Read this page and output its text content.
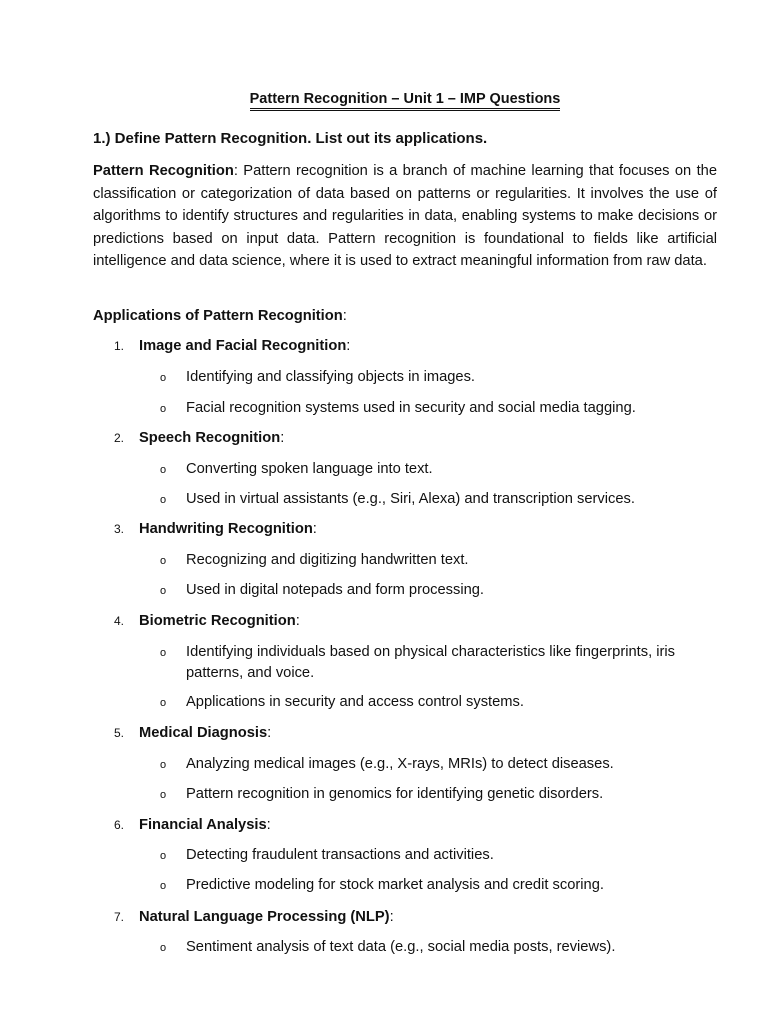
Pattern Recognition – Unit 1 – IMP Questions
1.) Define Pattern Recognition. List out its applications.
Pattern Recognition: Pattern recognition is a branch of machine learning that focuses on the classification or categorization of data based on patterns or regularities. It involves the use of algorithms to identify structures and regularities in data, enabling systems to make decisions or predictions based on input data. Pattern recognition is foundational to fields like artificial intelligence and data science, where it is used to extract meaningful information from raw data.
Applications of Pattern Recognition:
1. Image and Facial Recognition:
o Identifying and classifying objects in images.
o Facial recognition systems used in security and social media tagging.
2. Speech Recognition:
o Converting spoken language into text.
o Used in virtual assistants (e.g., Siri, Alexa) and transcription services.
3. Handwriting Recognition:
o Recognizing and digitizing handwritten text.
o Used in digital notepads and form processing.
4. Biometric Recognition:
o Identifying individuals based on physical characteristics like fingerprints, iris patterns, and voice.
o Applications in security and access control systems.
5. Medical Diagnosis:
o Analyzing medical images (e.g., X-rays, MRIs) to detect diseases.
o Pattern recognition in genomics for identifying genetic disorders.
6. Financial Analysis:
o Detecting fraudulent transactions and activities.
o Predictive modeling for stock market analysis and credit scoring.
7. Natural Language Processing (NLP):
o Sentiment analysis of text data (e.g., social media posts, reviews).
